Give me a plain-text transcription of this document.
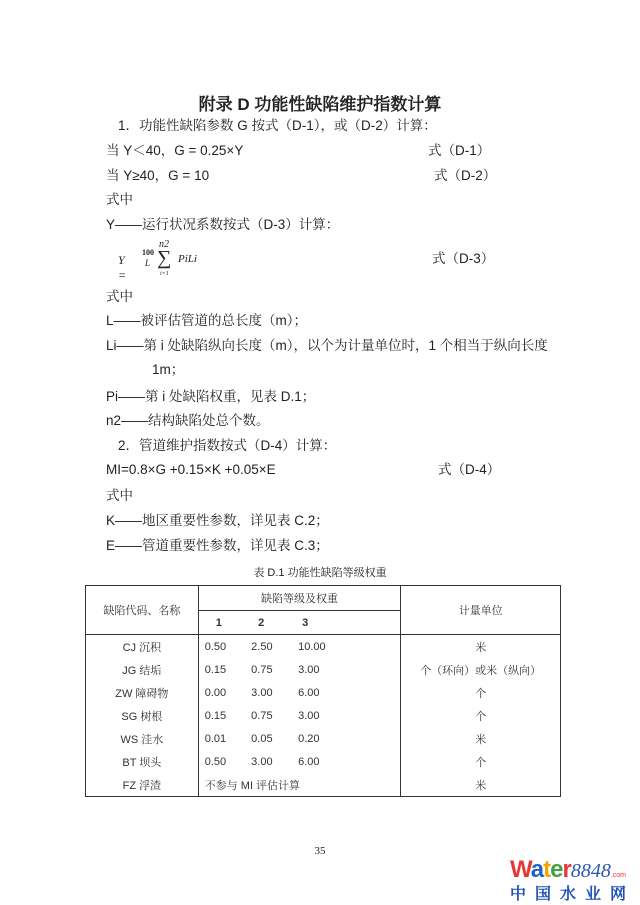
附录 D 功能性缺陷维护指数计算
1．功能性缺陷参数 G 按式（D-1），或（D-2）计算：
当 Y＜40，G = 0.25×Y	式（D-1）
当 Y≥40，G = 10	式（D-2）
式中
Y——运行状况系数按式（D-3）计算：
Y =
100
L
n2
∑
i=1
PiLi	式（D-3）
式中
L——被评估管道的总长度（m）；
Li——第 i 处缺陷纵向长度（m），以个为计量单位时，1 个相当于纵向长度
1m；
Pi——第 i 处缺陷权重，见表 D.1；
n2——结构缺陷处总个数。
2．管道维护指数按式（D-4）计算：
MI=0.8×G +0.15×K +0.05×E	式（D-4）
式中
K——地区重要性参数，详见表 C.2；
E——管道重要性参数，详见表 C.3；
表 D.1 功能性缺陷等级权重
缺陷代码、名称	缺陷等级及权重			计量单位
	1	2	3	
CJ 沉积	0.50	2.50	10.00	米
JG 结垢	0.15	0.75	3.00	个（环向）或米（纵向）
ZW 障碍物	0.00	3.00	6.00	个
SG 树根	0.15	0.75	3.00	个
WS 洼水	0.01	0.05	0.20	米
BT 坝头	0.50	3.00	6.00	个
FZ 浮渣	不参与 MI 评估计算			米
35
Water8848.com
中国水业网
